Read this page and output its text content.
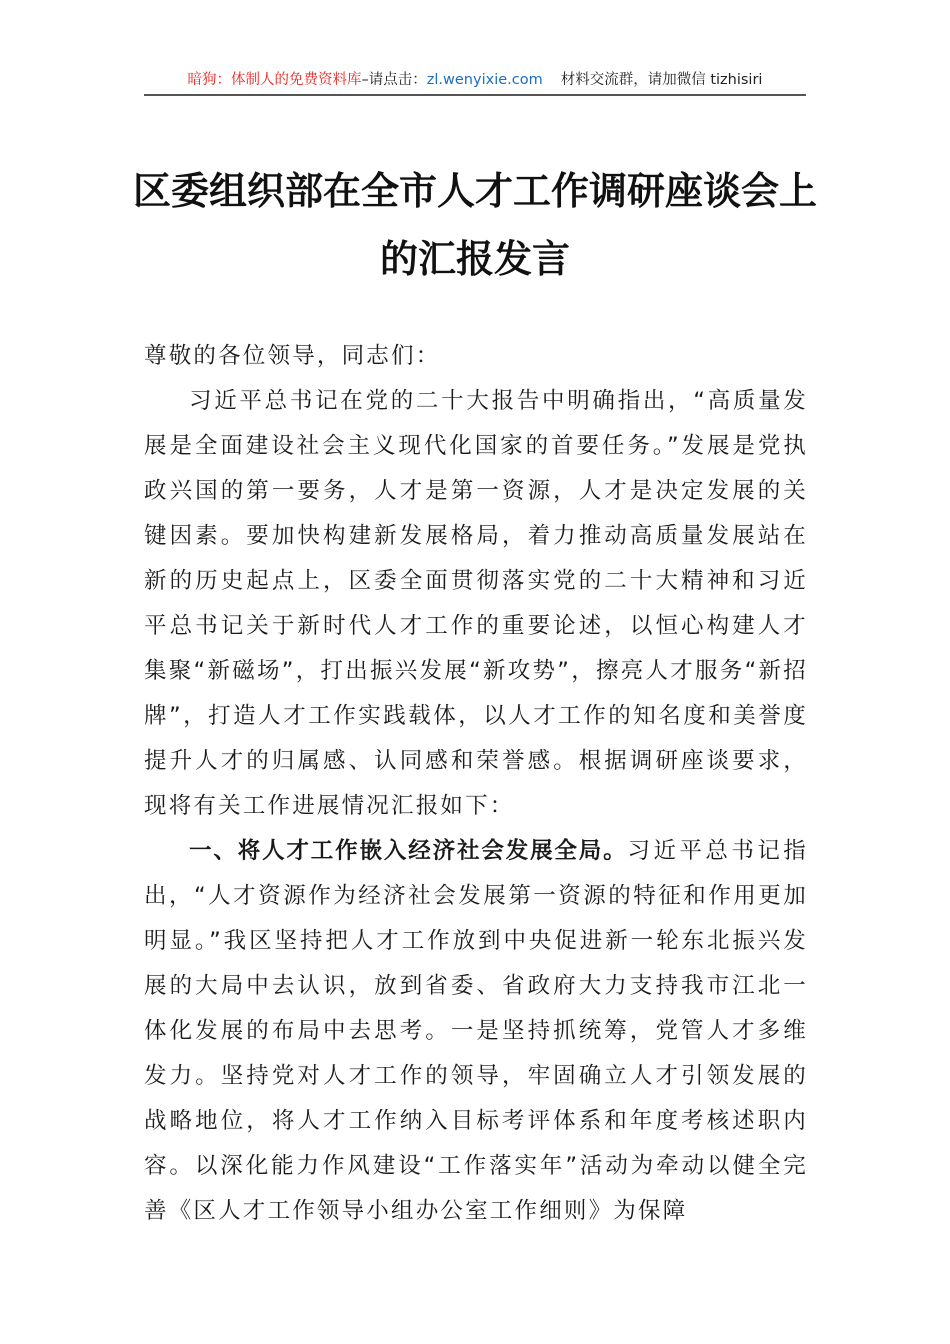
暗狗：体制人的免费资料库–请点击：zl.wenyixie.com 材料交流群，请加微信 tizhisiri
区委组织部在全市人才工作调研座谈会上
的汇报发言

尊敬的各位领导，同志们：

习近平总书记在党的二十大报告中明确指出，“高质量发展是全面建设社会主义现代化国家的首要任务。”发展是党执政兴国的第一要务，人才是第一资源，人才是决定发展的关键因素。要加快构建新发展格局，着力推动高质量发展站在新的历史起点上，区委全面贯彻落实党的二十大精神和习近平总书记关于新时代人才工作的重要论述，以恒心构建人才集聚“新磁场”，打出振兴发展“新攻势”，擦亮人才服务“新招牌”，打造人才工作实践载体，以人才工作的知名度和美誉度提升人才的归属感、认同感和荣誉感。根据调研座谈要求，现将有关工作进展情况汇报如下：

一、将人才工作嵌入经济社会发展全局。习近平总书记指出，“人才资源作为经济社会发展第一资源的特征和作用更加明显。”我区坚持把人才工作放到中央促进新一轮东北振兴发展的大局中去认识，放到省委、省政府大力支持我市江北一体化发展的布局中去思考。一是坚持抓统筹，党管人才多维发力。坚持党对人才工作的领导，牢固确立人才引领发展的战略地位，将人才工作纳入目标考评体系和年度考核述职内容。以深化能力作风建设“工作落实年”活动为牵动以健全完善《区人才工作领导小组办公室工作细则》为保障
